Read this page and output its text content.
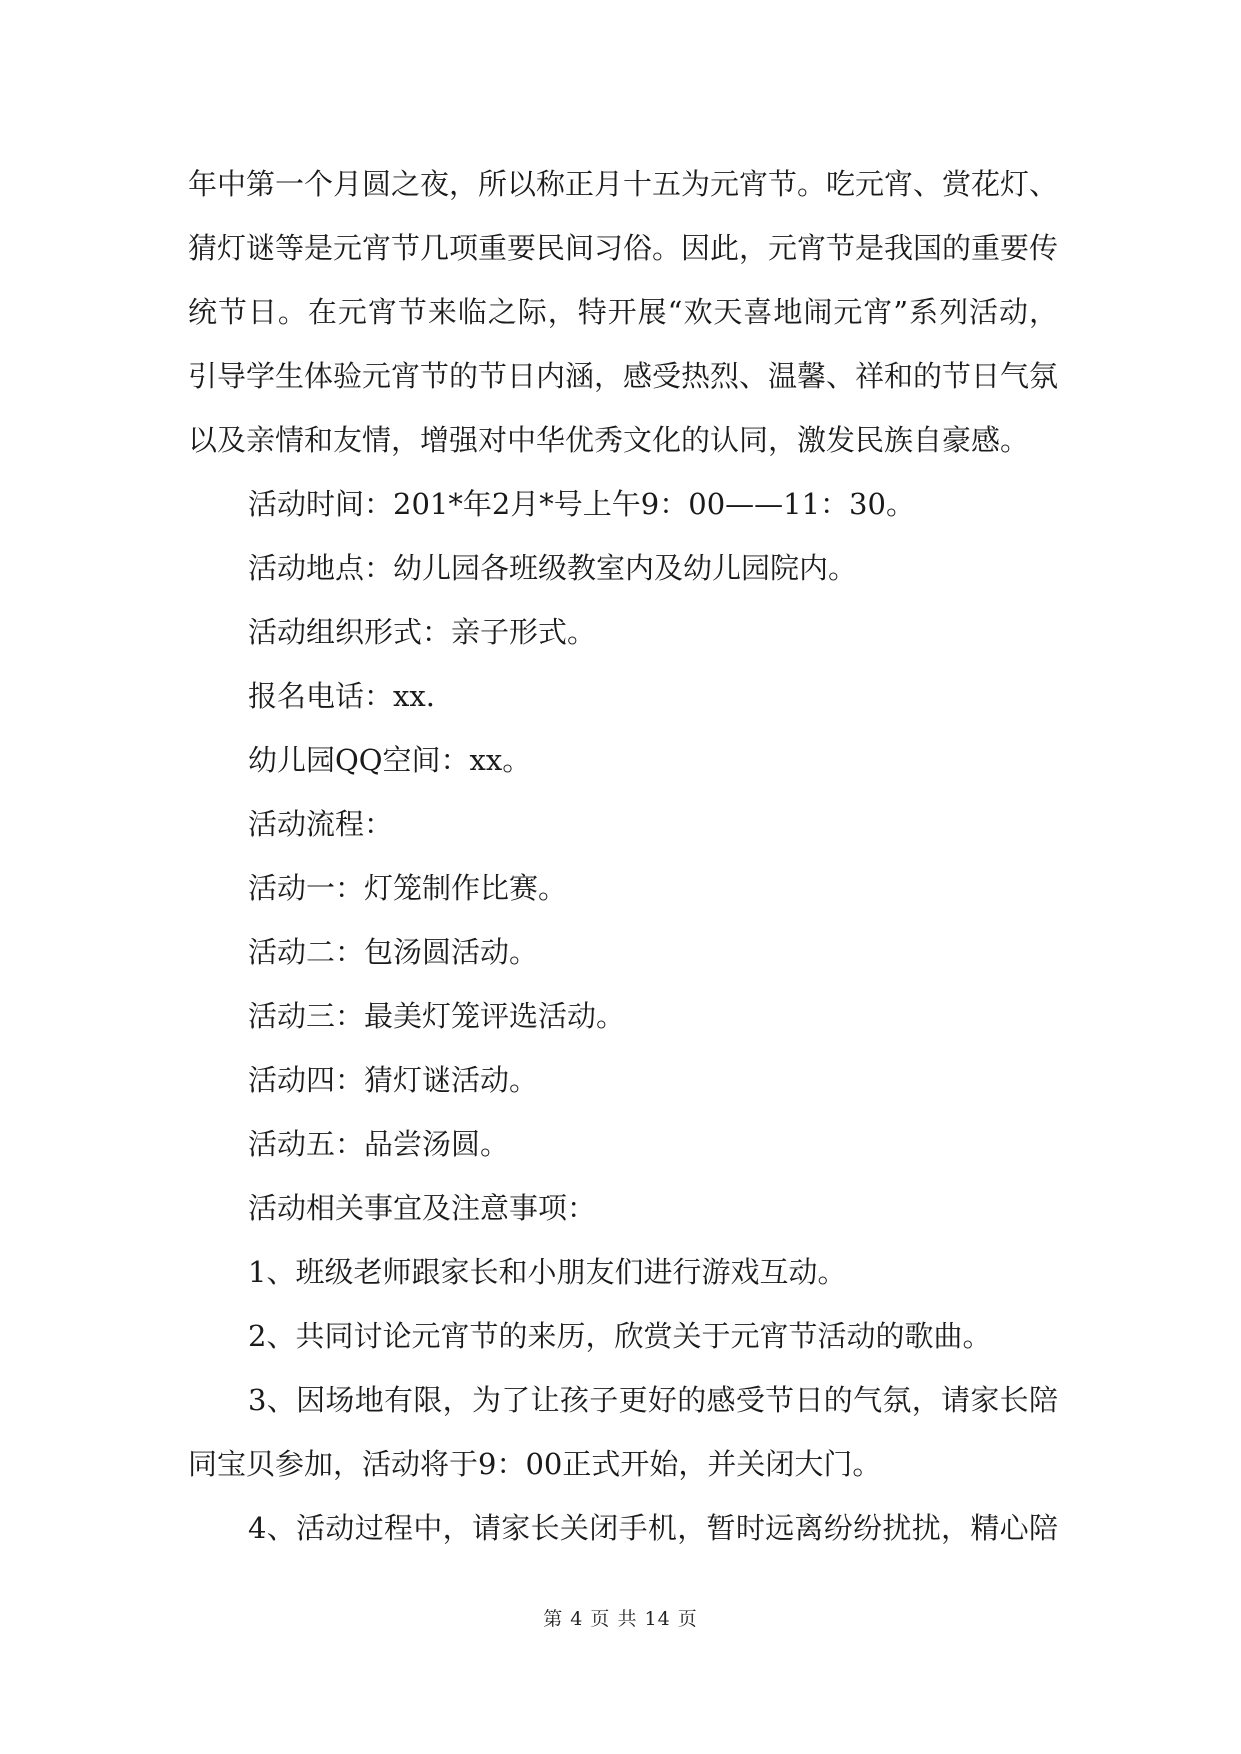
年中第一个月圆之夜，所以称正月十五为元宵节。吃元宵、赏花灯、
猜灯谜等是元宵节几项重要民间习俗。因此，元宵节是我国的重要传
统节日。在元宵节来临之际，特开展“欢天喜地闹元宵”系列活动，
引导学生体验元宵节的节日内涵，感受热烈、温馨、祥和的节日气氛
以及亲情和友情，增强对中华优秀文化的认同，激发民族自豪感。
活动时间：201*年2月*号上午9：00——11：30。
活动地点：幼儿园各班级教室内及幼儿园院内。
活动组织形式：亲子形式。
报名电话：xx.
幼儿园QQ空间：xx。
活动流程：
活动一：灯笼制作比赛。
活动二：包汤圆活动。
活动三：最美灯笼评选活动。
活动四：猜灯谜活动。
活动五：品尝汤圆。
活动相关事宜及注意事项：
1、班级老师跟家长和小朋友们进行游戏互动。
2、共同讨论元宵节的来历，欣赏关于元宵节活动的歌曲。
3、因场地有限，为了让孩子更好的感受节日的气氛，请家长陪
同宝贝参加，活动将于9：00正式开始，并关闭大门。
4、活动过程中，请家长关闭手机，暂时远离纷纷扰扰，精心陪
第 4 页 共 14 页
